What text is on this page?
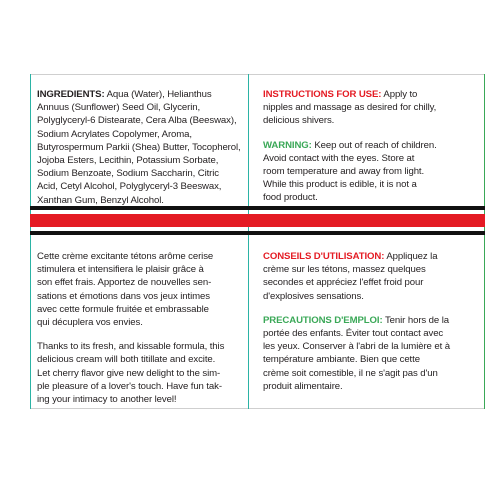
INGREDIENTS: Aqua (Water), Helianthus
Annuus (Sunflower) Seed Oil, Glycerin,
Polyglyceryl-6 Distearate, Cera Alba (Beeswax),
Sodium Acrylates Copolymer, Aroma,
Butyrospermum Parkii (Shea) Butter, Tocopherol,
Jojoba Esters, Lecithin, Potassium Sorbate,
Sodium Benzoate, Sodium Saccharin, Citric
Acid, Cetyl Alcohol, Polyglyceryl-3 Beeswax,
Xanthan Gum, Benzyl Alcohol.

INSTRUCTIONS FOR USE: Apply to
nipples and massage as desired for chilly,
delicious shivers.

WARNING: Keep out of reach of children.
Avoid contact with the eyes. Store at
room temperature and away from light.
While this product is edible, it is not a
food product.

Cette crème excitante tétons arôme cerise
stimulera et intensifiera le plaisir grâce à
son effet frais. Apportez de nouvelles sen-
sations et émotions dans vos jeux intimes
avec cette formule fruitée et embrassable
qui décuplera vos envies.

Thanks to its fresh, and kissable formula, this
delicious cream will both titillate and excite.
Let cherry flavor give new delight to the sim-
ple pleasure of a lover's touch. Have fun tak-
ing your intimacy to another level!

CONSEILS D'UTILISATION: Appliquez la
crème sur les tétons, massez quelques
secondes et appréciez l'effet froid pour
d'explosives sensations.

PRECAUTIONS D'EMPLOI: Tenir hors de la
portée des enfants. Éviter tout contact avec
les yeux. Conserver à l'abri de la lumière et à
température ambiante. Bien que cette
crème soit comestible, il ne s'agit pas d'un
produit alimentaire.
